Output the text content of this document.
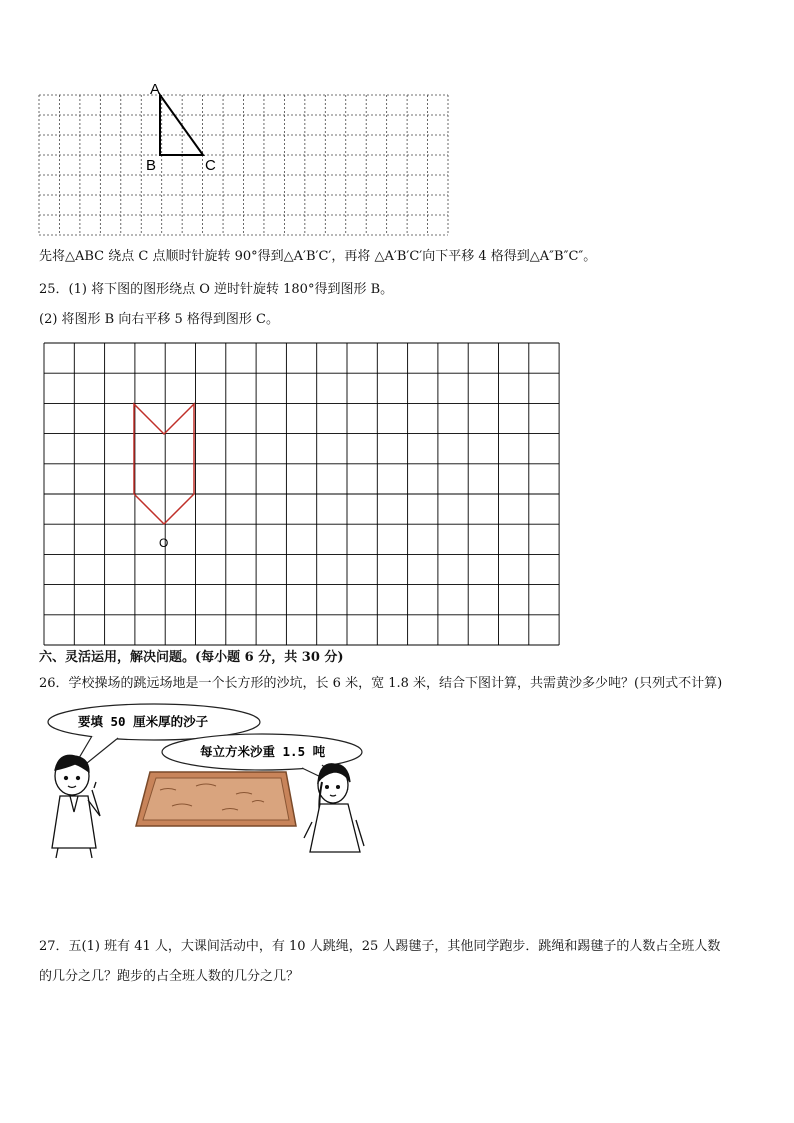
A
B	C
先将△ABC 绕点 C 点顺时针旋转 90°得到△A′B′C′，再将 △A′B′C′向下平移 4 格得到△A″B″C″。
25．(1) 将下图的图形绕点 O 逆时针旋转 180°得到图形 B。
(2) 将图形 B 向右平移 5 格得到图形 C。
O
六、灵活运用，解决问题。(每小题 6 分，共 30 分)
26．学校操场的跳远场地是一个长方形的沙坑，长 6 米，宽 1.8 米，结合下图计算，共需黄沙多少吨？(只列式不计算)
要填 50 厘米厚的沙子
每立方米沙重 1.5 吨
27．五(1) 班有 41 人，大课间活动中，有 10 人跳绳，25 人踢毽子，其他同学跑步．跳绳和踢毽子的人数占全班人数
的几分之几？跑步的占全班人数的几分之几？
